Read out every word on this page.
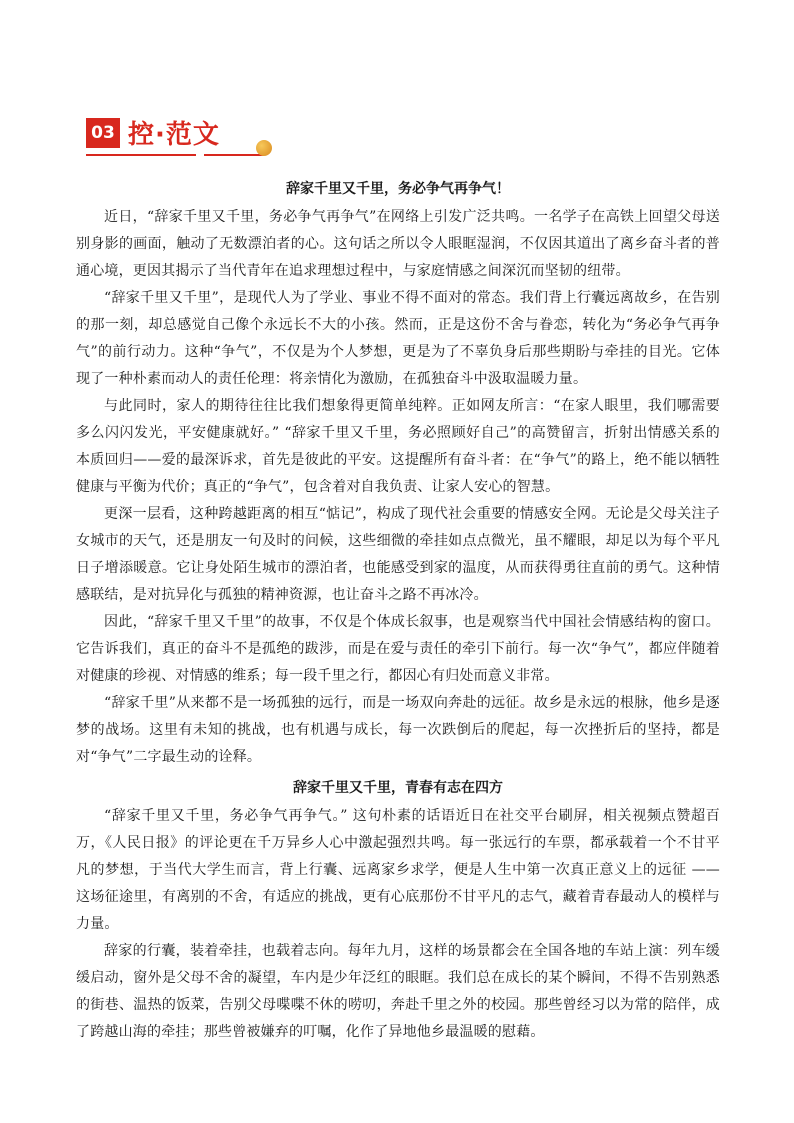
03 控·范文
辞家千里又千里，务必争气再争气！

近日，“辞家千里又千里，务必争气再争气”在网络上引发广泛共鸣。一名学子在高铁上回望父母送别身影的画面，触动了无数漂泊者的心。这句话之所以令人眼眶湿润，不仅因其道出了离乡奋斗者的普通心境，更因其揭示了当代青年在追求理想过程中，与家庭情感之间深沉而坚韧的纽带。

“辞家千里又千里”，是现代人为了学业、事业不得不面对的常态。我们背上行囊远离故乡，在告别的那一刻，却总感觉自己像个永远长不大的小孩。然而，正是这份不舍与眷恋，转化为“务必争气再争气”的前行动力。这种“争气”，不仅是为个人梦想，更是为了不辜负身后那些期盼与牵挂的目光。它体现了一种朴素而动人的责任伦理：将亲情化为激励，在孤独奋斗中汲取温暖力量。

与此同时，家人的期待往往比我们想象得更简单纯粹。正如网友所言：“在家人眼里，我们哪需要多么闪闪发光，平安健康就好。” “辞家千里又千里，务必照顾好自己”的高赞留言，折射出情感关系的本质回归——爱的最深诉求，首先是彼此的平安。这提醒所有奋斗者：在“争气”的路上，绝不能以牺牲健康与平衡为代价；真正的“争气”，包含着对自我负责、让家人安心的智慧。

更深一层看，这种跨越距离的相互“惦记”，构成了现代社会重要的情感安全网。无论是父母关注子女城市的天气，还是朋友一句及时的问候，这些细微的牵挂如点点微光，虽不耀眼，却足以为每个平凡日子增添暖意。它让身处陌生城市的漂泊者，也能感受到家的温度，从而获得勇往直前的勇气。这种情感联结，是对抗异化与孤独的精神资源，也让奋斗之路不再冰冷。

因此，“辞家千里又千里”的故事，不仅是个体成长叙事，也是观察当代中国社会情感结构的窗口。它告诉我们，真正的奋斗不是孤绝的跋涉，而是在爱与责任的牵引下前行。每一次“争气”，都应伴随着对健康的珍视、对情感的维系；每一段千里之行，都因心有归处而意义非常。

“辞家千里”从来都不是一场孤独的远行，而是一场双向奔赴的远征。故乡是永远的根脉，他乡是逐梦的战场。这里有未知的挑战，也有机遇与成长，每一次跌倒后的爬起，每一次挫折后的坚持，都是对“争气”二字最生动的诠释。

辞家千里又千里，青春有志在四方

“辞家千里又千里，务必争气再争气。” 这句朴素的话语近日在社交平台刷屏，相关视频点赞超百万，《人民日报》的评论更在千万异乡人心中激起强烈共鸣。每一张远行的车票，都承载着一个不甘平凡的梦想，于当代大学生而言，背上行囊、远离家乡求学，便是人生中第一次真正意义上的远征 —— 这场征途里，有离别的不舍，有适应的挑战，更有心底那份不甘平凡的志气，藏着青春最动人的模样与力量。

辞家的行囊，装着牵挂，也载着志向。每年九月，这样的场景都会在全国各地的车站上演：列车缓缓启动，窗外是父母不舍的凝望，车内是少年泛红的眼眶。我们总在成长的某个瞬间，不得不告别熟悉的街巷、温热的饭菜，告别父母喋喋不休的唠叨，奔赴千里之外的校园。那些曾经习以为常的陪伴，成了跨越山海的牵挂；那些曾被嫌弃的叮嘱，化作了异地他乡最温暖的慰藉。
